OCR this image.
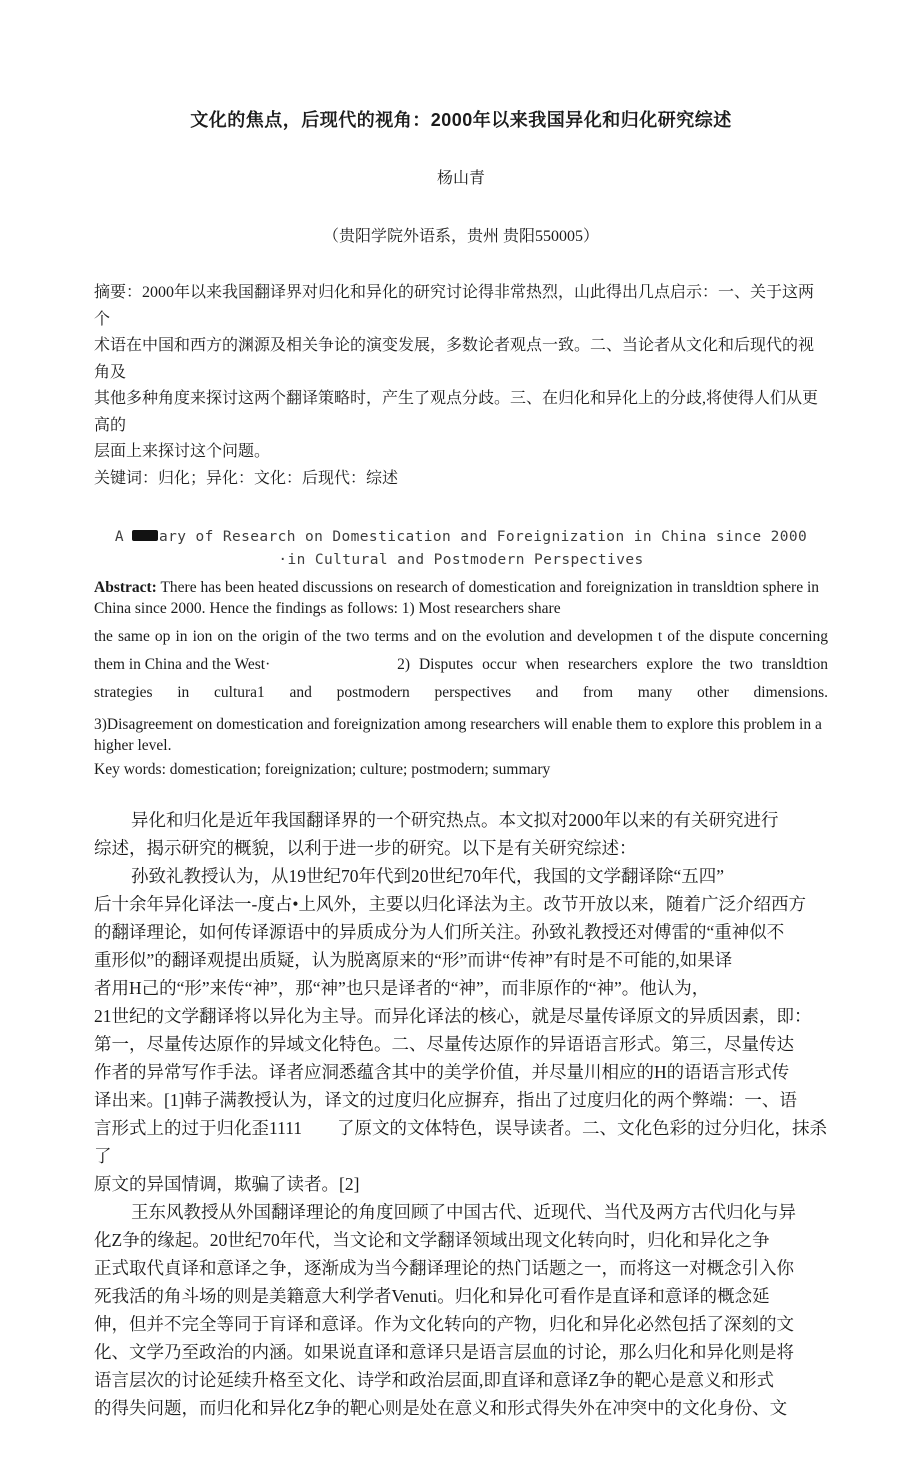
文化的焦点，后现代的视角：2000年以来我国异化和归化研究综述
杨山青
（贵阳学院外语系，贵州 贵阳550005）
摘要：2000年以来我国翻译界对归化和异化的研究讨论得非常热烈，山此得出几点启示：一、关于这两个
术语在中国和西方的渊源及相关争论的演变发展，多数论者观点一致。二、当论者从文化和后现代的视角及
其他多种角度来探讨这两个翻译策略时，产生了观点分歧。三、在归化和异化上的分歧,将使得人们从更高的
层面上来探讨这个问题。
关键词：归化；异化：文化：后现代：综述
A ary of Research on Domestication and Foreignization in China since 2000
·in Cultural and Postmodern Perspectives

Abstract: There has been heated discussions on research of domestication and foreignization in transldtion sphere in China since 2000. Hence the findings as follows: 1) Most researchers share

the same op in ion on the origin of the two terms and on the evolution and developmen t of the dispute concerning
them in China and the West·	2) Disputes occur when researchers explore the two transldtion
strategies in cultura1 and postmodern perspectives and from many other dimensions.

3)Disagreement on domestication and foreignization among researchers will enable them to explore this problem in a higher level.

Key words: domestication; foreignization; culture; postmodern; summary
异化和归化是近年我国翻译界的一个研究热点。本文拟对2000年以来的有关研究进行
综述，揭示研究的概貌，以利于进一步的研究。以下是有关研究综述：
孙致礼教授认为，从19世纪70年代到20世纪70年代，我国的文学翻译除“五四”
后十余年异化译法一-度占•上风外，主要以归化译法为主。改节开放以来，随着广泛介绍西方
的翻译理论，如何传译源语中的异质成分为人们所关注。孙致礼教授还对傅雷的“重神似不
重形似”的翻译观提出质疑，认为脱离原来的“形”而讲“传神”有时是不可能的,如果译
者用H己的“形”来传“神”，那“神”也只是译者的“神”，而非原作的“神”。他认为，
21世纪的文学翻译将以异化为主导。而异化译法的核心，就是尽量传译原文的异质因素，即：
第一，尽量传达原作的异域文化特色。二、尽量传达原作的异语语言形式。第三，尽量传达
作者的异常写作手法。译者应洞悉蕴含其中的美学价值，并尽量川相应的H的语语言形式传
译出来。[1]韩子满教授认为，译文的过度归化应摒弃，指出了过度归化的两个弊端：一、语
言形式上的过于归化歪1111　　了原文的文体特色，误导读者。二、文化色彩的过分归化，抹杀了
原文的异国情调，欺骗了读者。[2]
王东风教授从外国翻译理论的角度回顾了中国古代、近现代、当代及两方古代归化与异
化Z争的缘起。20世纪70年代，当文论和文学翻译领域出现文化转向时，归化和异化之争
正式取代貞译和意译之争，逐渐成为当今翻译理论的热门话题之一，而将这一对概念引入你
死我活的角斗场的则是美籍意大利学者Venuti。归化和异化可看作是直译和意译的概念延
伸，但并不完全等同于肓译和意译。作为文化转向的产物，归化和异化必然包括了深刻的文
化、文学乃至政治的内涵。如果说直译和意译只是语言层血的讨论，那么归化和异化则是将
语言层次的讨论延续升格至文化、诗学和政治层面,即直译和意译Z争的靶心是意义和形式
的得失问题，而归化和异化Z争的靶心则是处在意义和形式得失外在冲突中的文化身份、文
